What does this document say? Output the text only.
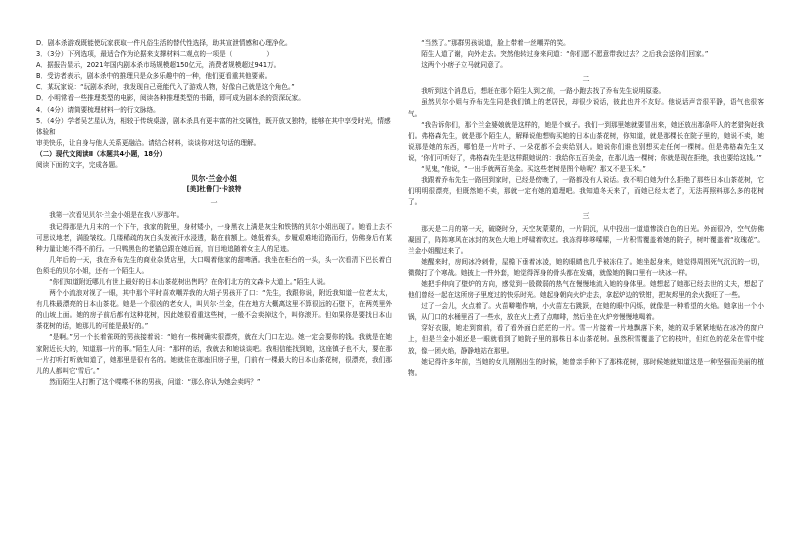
D．剧本杀游戏既能使玩家获取一件凡俗生活的替代性选择，助其宣泄情感和心理净化。

3．（3分）下列选项，最适合作为论据来支撑材料二观点的一项是（	）

A．据报告显示，2021年国内剧本杀市场规模超150亿元，消费者规模超过941万。

B．受访者表示，剧本杀中的推理只是众多乐趣中的一种，他们更看重其他要素。

C．某玩家说：“玩剧本杀时，我发现自己竟能代入了游戏人物，好像自己就是这个角色。”

D．小明常看一些推理类型的电影，阅读各种推理类型的书籍，即可成为剧本杀的资深玩家。

4．（4分）请简要梳理材料一的行文脉络。

5．（4分）学者吴艺星认为，相较于传统桌游，剧本杀具有更丰富的社交属性，既开放又独特，能够在其中享受时光，情感体验和

审美快乐，让自身与他人关系更融洽。请结合材料，谈谈你对这句话的理解。

（二）现代文阅读Ⅱ（本题共4小题，18分）

阅读下面的文字，完成各题。

贝尔·兰金小姐

[美]杜鲁门·卡波特

一

我第一次看见贝尔·兰金小姐是在我八岁那年。

我记得那是九月末的一个下午，我家的院里，身材矮小，一身黑衣上满是灰尘和铁锈的贝尔小姐出现了。她看上去不可思议地老，满脸皱纹。几缕稀疏的灰白头发被汗水浸透，黏在前额上。她低着头，步履艰难地沿路而行，仿佛身后有某种力量让她不得不前行。一只鸭黑色的老猫总跟在她后面，盲目地追随着女主人的足迹。

几年后的一天，我在乔布先生的商业杂货店里，大口喝着他家的甜啤酒。我坐在柜台的一头，头一次看清下巴长着白色须毛的贝尔小姐，还有一个陌生人。

“你们知道附近哪儿有世上最好的日本山茶花树出售吗？在你们北方的文森卡大道上。”陌生人说。

两个小流浪对视了一眼，其中那个平时喜欢嘲弄我的大胡子男孩开了口：“先生，我跟你说，附近我知道一位老太太，有几株最漂亮的日本山茶花。她是一个很凶的老女人，叫贝尔·兰金，住在地方大概离这里不算很远的石壁下，在两英里外的山坡上面。她的房子前后都有这种花树，因此她很看重这些树，一般不会卖掉这个，叫你滚开。但如果你是要找日本山茶花树的话，她那儿的可能是最好的。”

“是啊。”另一个长着雀斑的男孩接着说：“她有一株树确实很漂亮，就在大门口左边。她一定会要你的钱。我就是在她家附近长大的，知道那一片的事。”陌生人问：“那样的话，我就去和她谈谈吧。我相信能找到她，这座镇子也不大，要在那一片打听打听就知道了，她那里是很有名的。她就住在那座旧房子里，门前有一棵最大的日本山茶花树，很漂亮，我们那儿的人都叫它‘雪后’。”

然而陌生人打断了这个喋喋不休的男孩，问道：“那么你认为她会卖吗？”

“当然了。”那群男孩说道，脸上带着一丝嘲弄的笑。

陌生人道了谢，向外走去。突然他转过身来问道：“你们愿不愿意带我过去？之后我会送你们回家。”

这两个小痞子立马就同意了。

二

我听到这个消息后，想赶在那个陌生人到之前，一路小跑去找了乔布先生说明原委。

虽然贝尔小姐与乔布先生同是我们镇上的老居民，却很少说话，彼此也并不友好。他说话声音很平静，语气也很客气。

“我告诉你们，那个兰金婆娘就是这样的，她是个疯子。我们一到那里她就要冒出来，她还放出那条吓人的老猎狗赶我们。弗格森先生，就是那个陌生人，解释说他想购买她的日本山茶花树，你知道，就是那棵长在院子里的，她说不卖，她说那是她的东西，哪怕是一片叶子、一朵花都不会卖给别人。她说你们谁也别想买走任何一棵树。但是弗格森先生又说，‘你们可听好了，弗格森先生是这样跟她说的：我给你五百美金，在那儿选一棵树；你就是现在拒绝，我也要给这钱。’”

“见鬼，”他说，“一出手就两百美金。买这些老树是图个啥呢？那又不是玉米。”

我跟着乔布先生一路回到家时，已经是傍晚了，一路都没有人说话。我不明白她为什么拒绝了那些日本山茶花树，它们明明很漂亮，但既然她不卖，那就一定有她的道理吧。我知道冬天来了，而她已经太老了，无法再照料那么多的花树了。

三

那天是二月的第一天，破晓时分，天空灰蒙蒙的，一片阴沉，从中投出一道道惨淡白色的日光。外面很冷，空气仿佛凝固了，阵阵寒风在冰封的灰色大地上呼啸着吹过。我冻得哆哆嗦嗦，一片积雪覆盖着她的院子，树叶覆盖着“玫瑰花”。兰金小姐醒过来了。

她醒来时，房间冰冷刺骨，屋檐下垂着冰凌，她的眼睛也几乎被冻住了。她坐起身来，她觉得周围死气沉沉的一切，微微打了个寒战。她披上一件外套，她觉得浑身的骨头都在发痛，就像她的胸口里有一块冰一样。

她把手伸向了壁炉的方向，感觉到一股微弱的热气在慢慢地流入她的身体里。她想起了她那已经去世的丈夫，想起了他们曾经一起在这所房子里度过的快乐时光。她起身朝向火炉走去，拿起炉边的铁钳，把灰烬里的余火拨旺了一些。

过了一会儿，火点着了。火苗噼啪作响，小火苗左右跳跃，在她的眼中闪烁，就像是一种希望的火焰。她拿出一个小锅，从门口的水桶里舀了一些水，放在火上煮了点咖啡，然后坐在火炉旁慢慢地喝着。

穿好衣服，她走到窗前，看了看外面白茫茫的一片。雪一片接着一片地飘落下来，她的双手紧紧地贴在冰冷的窗户上，但是兰金小姐还是一眼就看到了她院子里的那株日本山茶花树。虽然积雪覆盖了它的枝叶，但红色的花朵在雪中绽放，像一团火焰，静静地站在那里。

她记得许多年前，当她的女儿刚刚出生的时候，她曾亲手种下了那株花树，那时候她就知道这是一种坚强而美丽的植物。
